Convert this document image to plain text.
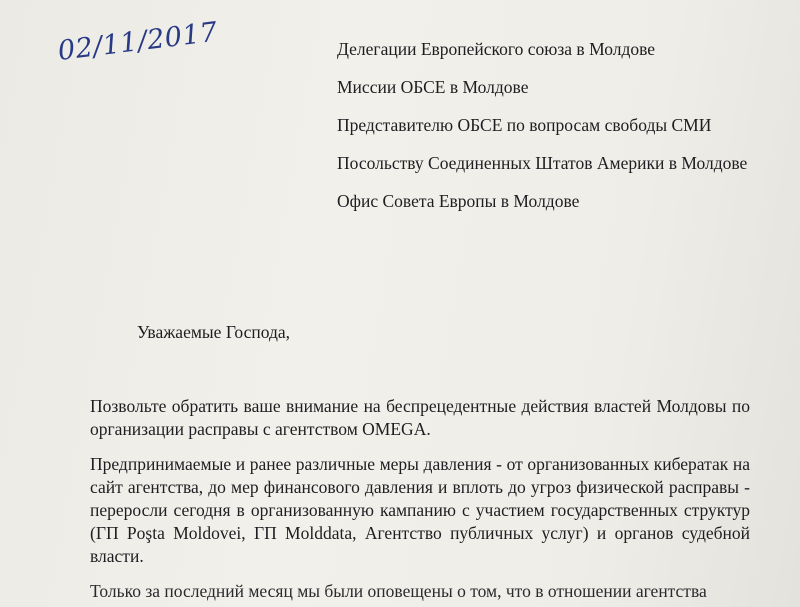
02/11/2017	Делегации Европейского союза в Молдове
Миссии ОБСЕ в Молдове
Представителю ОБСЕ по вопросам свободы СМИ
Посольству Соединенных Штатов Америки в Молдове
Офис Совета Европы в Молдове
Уважаемые Господа,

Позвольте обратить ваше внимание на беспрецедентные действия властей Молдовы по организации расправы с агентством OMEGA.

Предпринимаемые и ранее различные меры давления - от организованных кибератак на сайт агентства, до мер финансового давления и вплоть до угроз физической расправы - переросли сегодня в организованную кампанию с участием государственных структур (ГП Poşta Moldovei, ГП Molddata, Агентство публичных услуг) и органов судебной власти.

Только за последний месяц мы были оповещены о том, что в отношении агентства
